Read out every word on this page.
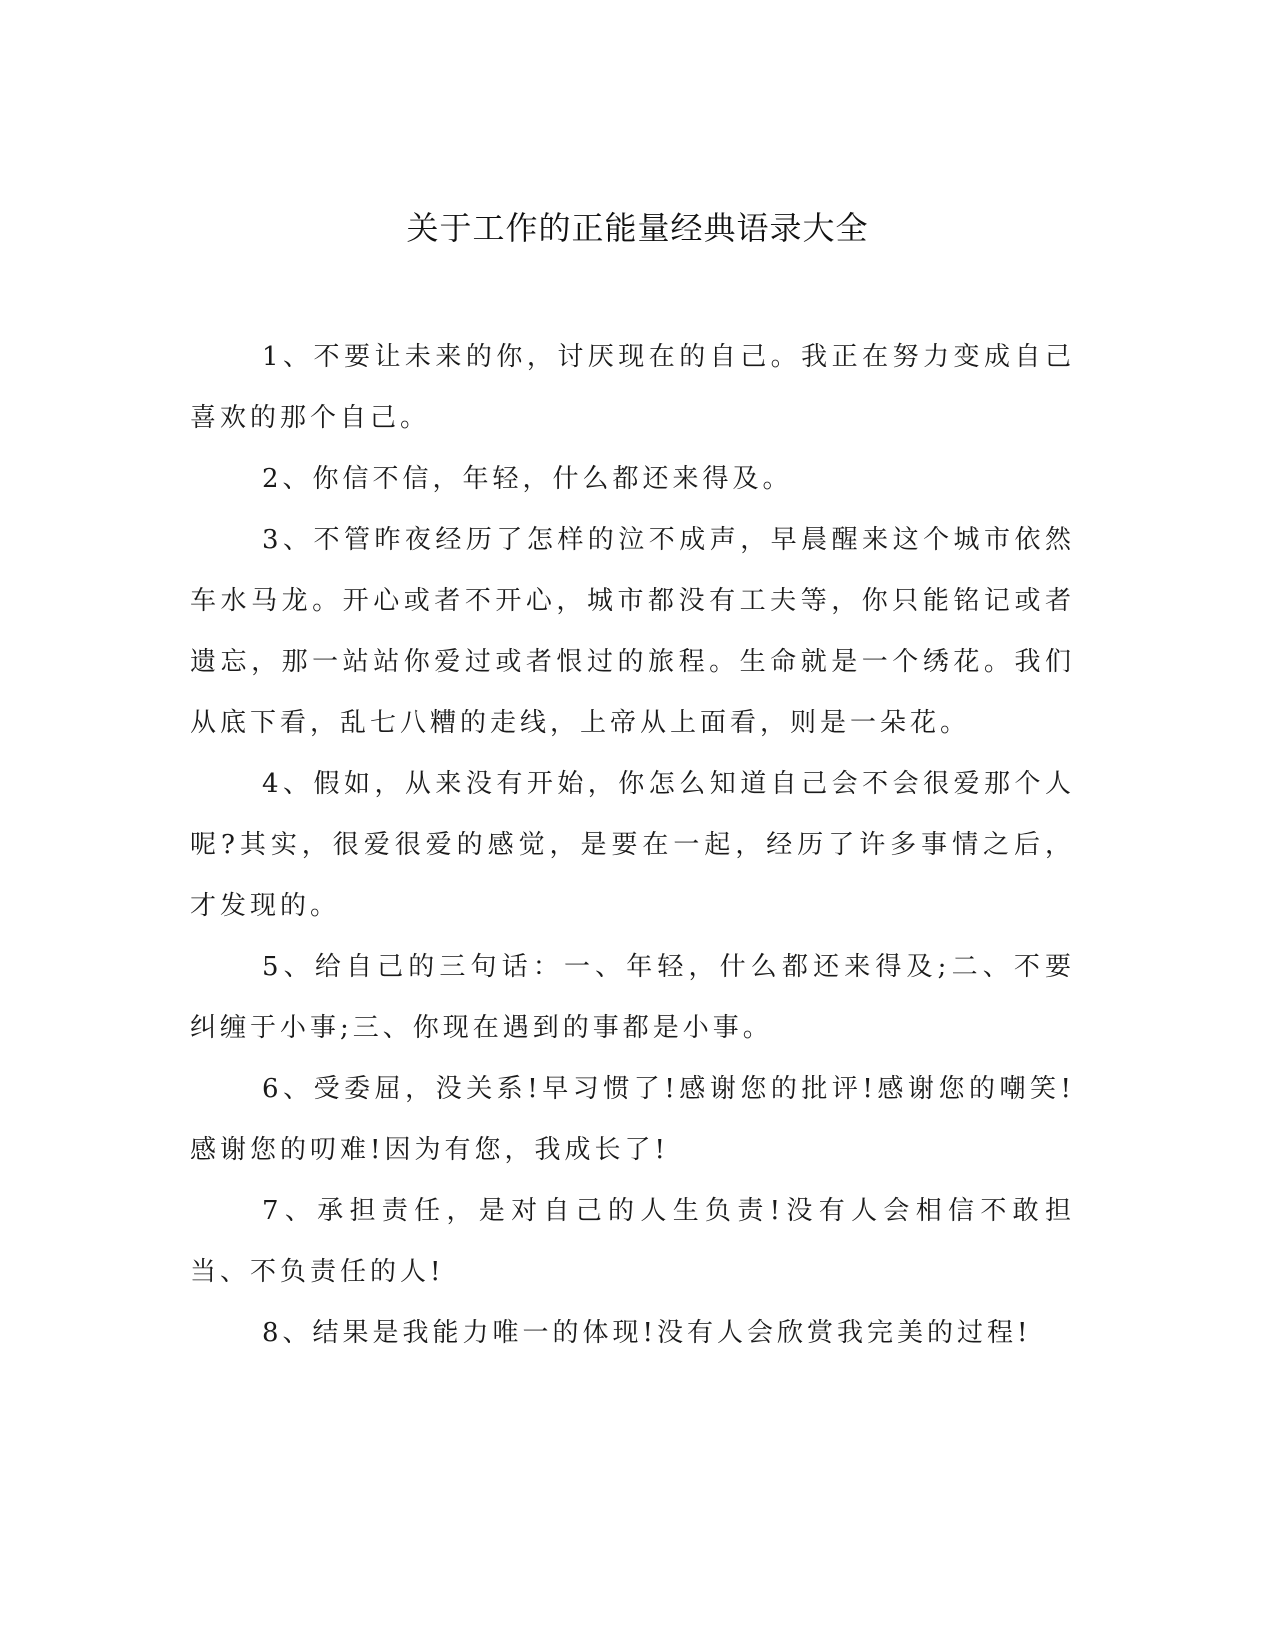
关于工作的正能量经典语录大全

1、不要让未来的你，讨厌现在的自己。我正在努力变成自己喜欢的那个自己。

2、你信不信，年轻，什么都还来得及。

3、不管昨夜经历了怎样的泣不成声，早晨醒来这个城市依然车水马龙。开心或者不开心，城市都没有工夫等，你只能铭记或者遗忘，那一站站你爱过或者恨过的旅程。生命就是一个绣花。我们从底下看，乱七八糟的走线，上帝从上面看，则是一朵花。

4、假如，从来没有开始，你怎么知道自己会不会很爱那个人呢?其实，很爱很爱的感觉，是要在一起，经历了许多事情之后，才发现的。

5、给自己的三句话：一、年轻，什么都还来得及;二、不要纠缠于小事;三、你现在遇到的事都是小事。

6、受委屈，没关系!早习惯了!感谢您的批评!感谢您的嘲笑!感谢您的叨难!因为有您，我成长了!

7、承担责任，是对自己的人生负责!没有人会相信不敢担当、不负责任的人!

8、结果是我能力唯一的体现!没有人会欣赏我完美的过程!
